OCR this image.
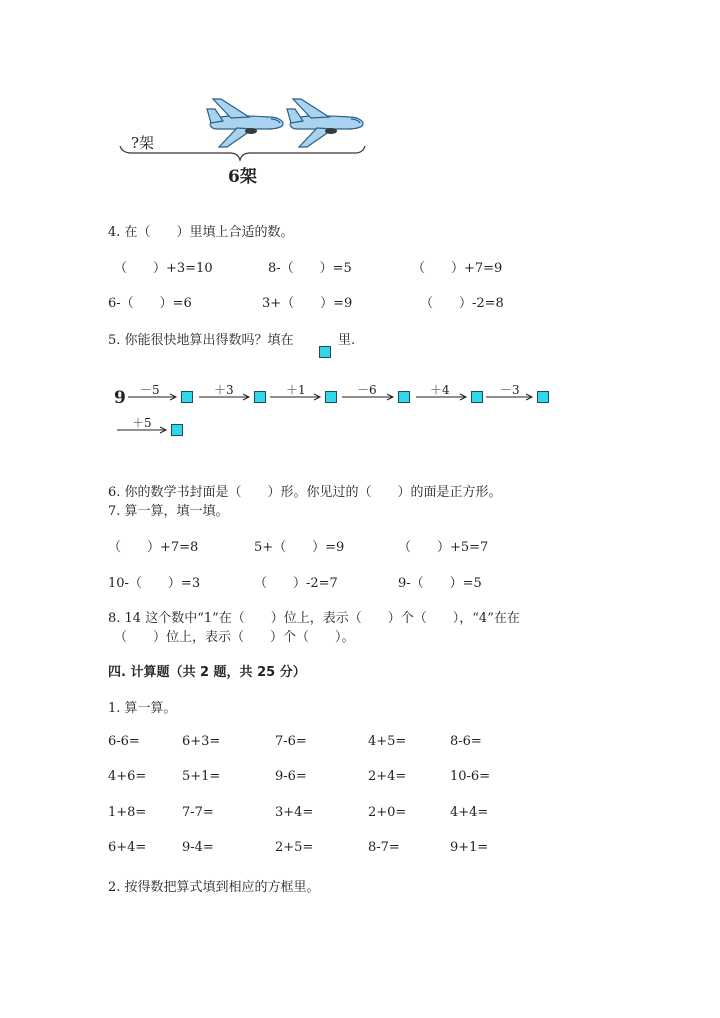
?架
6架
4. 在（　　）里填上合适的数。
（　　）+3=10	8-（　　）=5	（　　）+7=9
6-（　　）=6	3+（　　）=9	（　　）-2=8
5. 你能很快地算出得数吗？填在	里.
9 －5	＋3	＋1	－6	＋4	－3
＋5
6. 你的数学书封面是（　　）形。你见过的（　　）的面是正方形。
7. 算一算，填一填。
（　　）+7=8	5+（　　）=9	（　　）+5=7
10-（　　）=3	（　　）-2=7	9-（　　）=5
8. 14 这个数中“1”在（　　）位上，表示（　　）个（　　），“4”在在
（　　）位上，表示（　　）个（　　）。
四. 计算题（共 2 题，共 25 分）
1. 算一算。
6-6=	6+3=	7-6=	4+5=	8-6=
4+6=	5+1=	9-6=	2+4=	10-6=
1+8=	7-7=	3+4=	2+0=	4+4=
6+4=	9-4=	2+5=	8-7=	9+1=
2. 按得数把算式填到相应的方框里。
